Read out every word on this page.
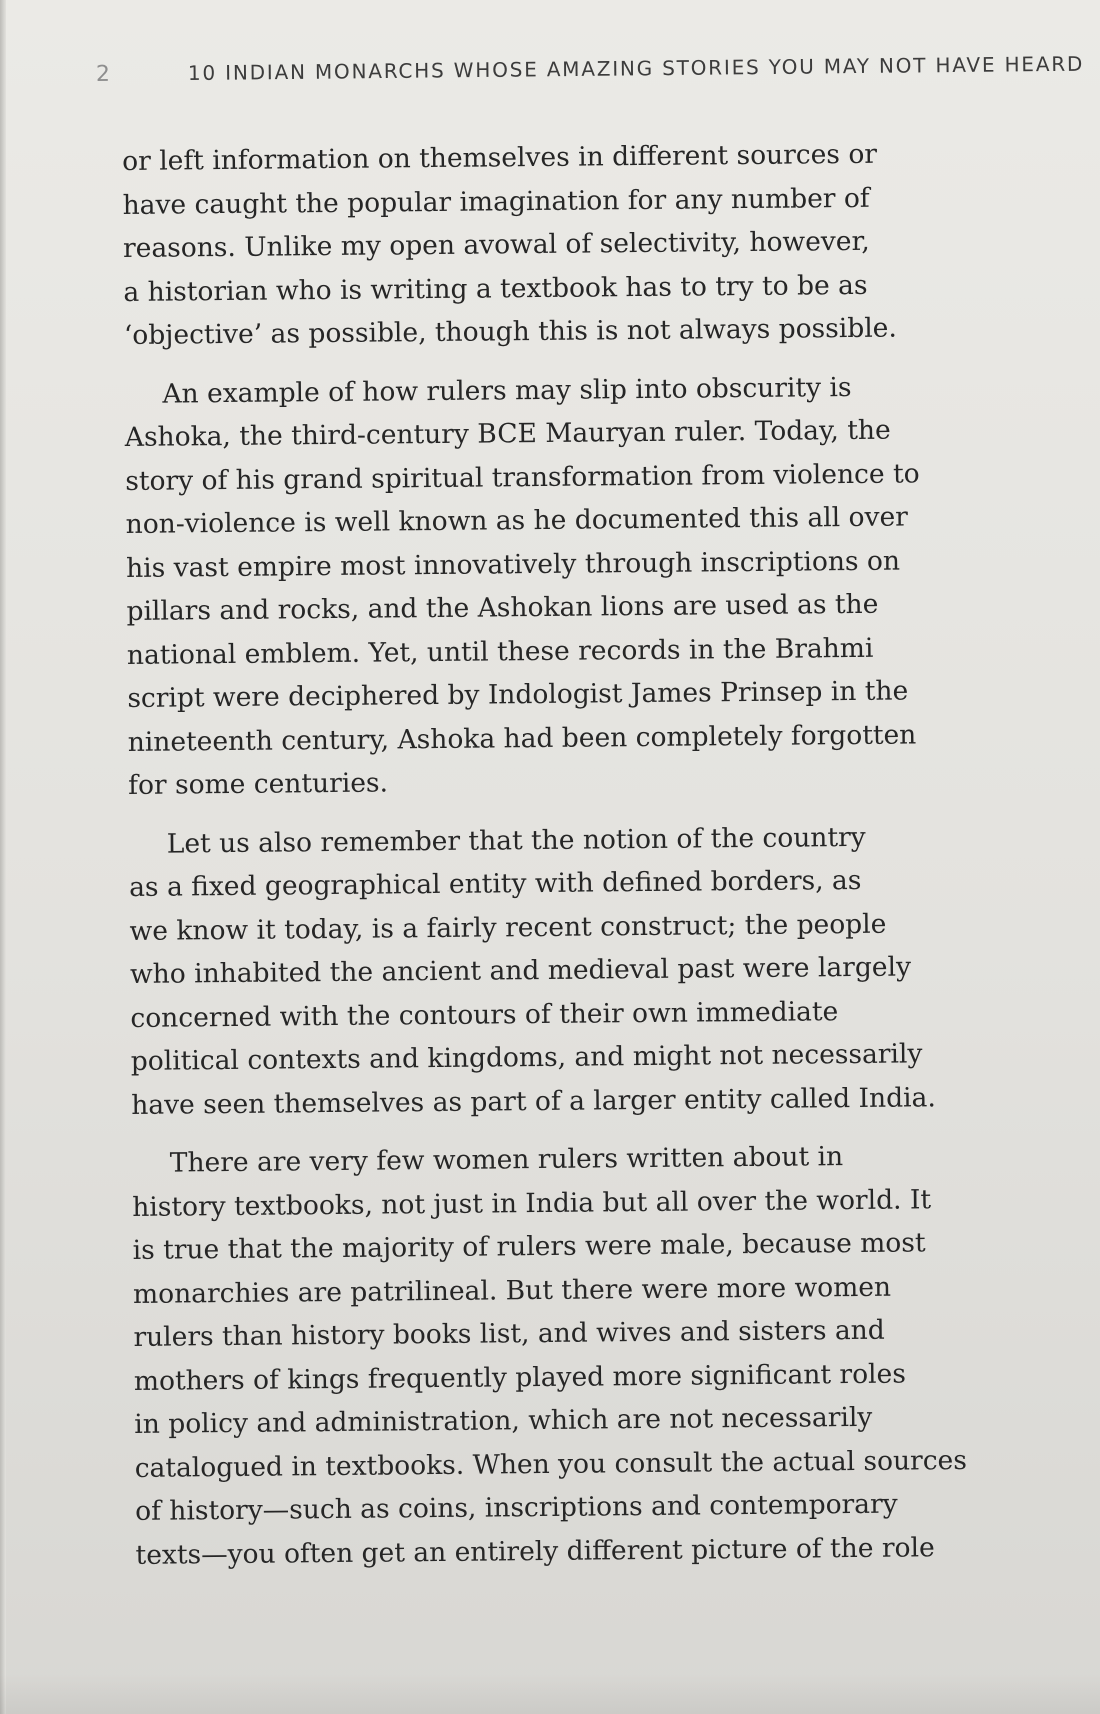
2	10 INDIAN MONARCHS WHOSE AMAZING STORIES YOU MAY NOT HAVE HEARD
or left information on themselves in different sources or
have caught the popular imagination for any number of
reasons. Unlike my open avowal of selectivity, however,
a historian who is writing a textbook has to try to be as
‘objective’ as possible, though this is not always possible.
An example of how rulers may slip into obscurity is
Ashoka, the third-century BCE Mauryan ruler. Today, the
story of his grand spiritual transformation from violence to
non-violence is well known as he documented this all over
his vast empire most innovatively through inscriptions on
pillars and rocks, and the Ashokan lions are used as the
national emblem. Yet, until these records in the Brahmi
script were deciphered by Indologist James Prinsep in the
nineteenth century, Ashoka had been completely forgotten
for some centuries.
Let us also remember that the notion of the country
as a fixed geographical entity with defined borders, as
we know it today, is a fairly recent construct; the people
who inhabited the ancient and medieval past were largely
concerned with the contours of their own immediate
political contexts and kingdoms, and might not necessarily
have seen themselves as part of a larger entity called India.
There are very few women rulers written about in
history textbooks, not just in India but all over the world. It
is true that the majority of rulers were male, because most
monarchies are patrilineal. But there were more women
rulers than history books list, and wives and sisters and
mothers of kings frequently played more significant roles
in policy and administration, which are not necessarily
catalogued in textbooks. When you consult the actual sources
of history—such as coins, inscriptions and contemporary
texts—you often get an entirely different picture of the role
